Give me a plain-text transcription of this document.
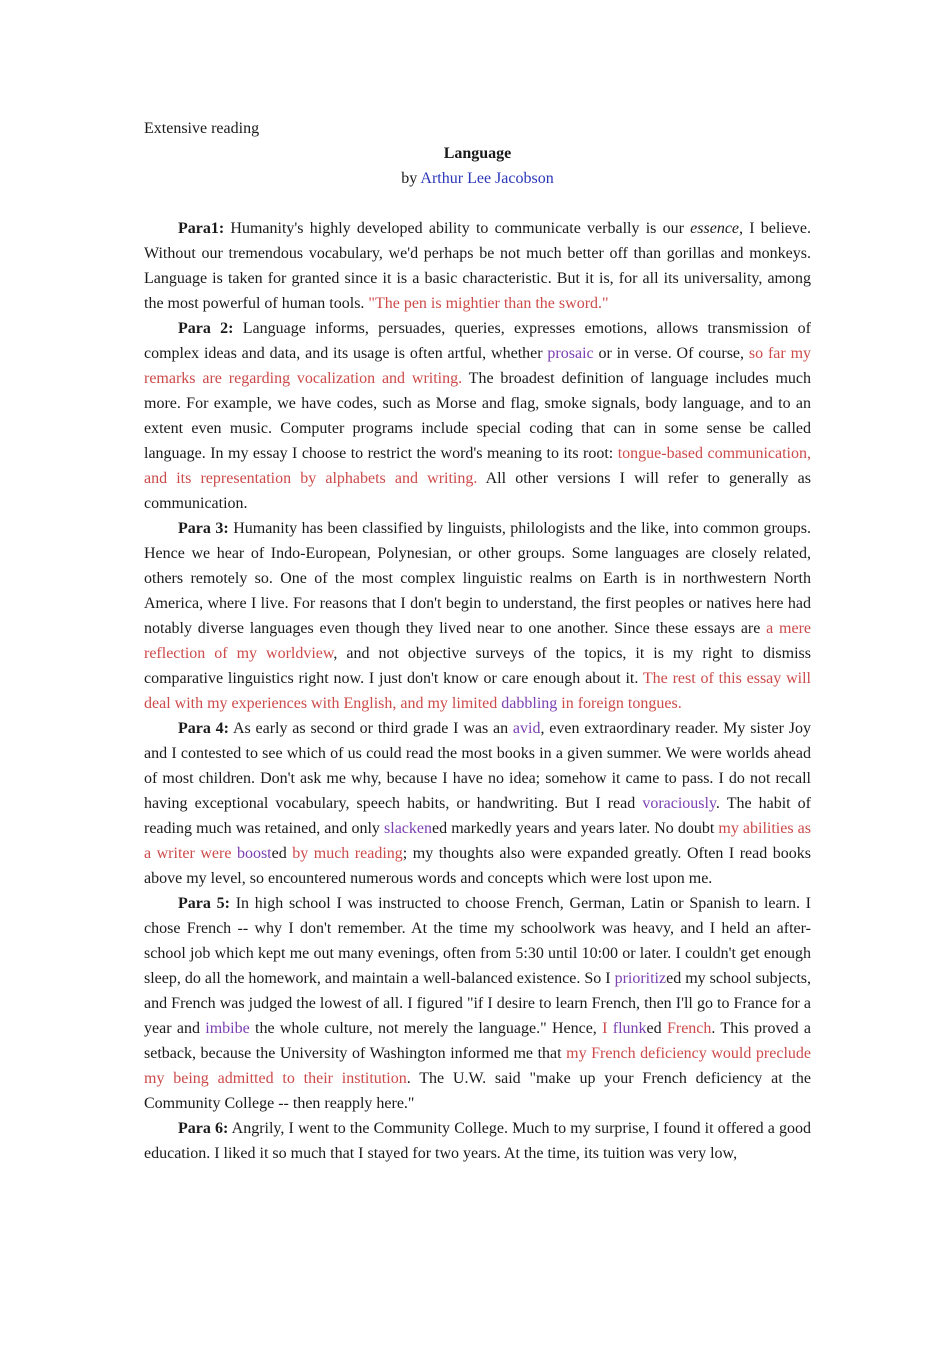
Extensive reading

Language

by Arthur Lee Jacobson

Para1: Humanity's highly developed ability to communicate verbally is our essence, I believe. Without our tremendous vocabulary, we'd perhaps be not much better off than gorillas and monkeys. Language is taken for granted since it is a basic characteristic. But it is, for all its universality, among the most powerful of human tools. "The pen is mightier than the sword."

Para 2: Language informs, persuades, queries, expresses emotions, allows transmission of complex ideas and data, and its usage is often artful, whether prosaic or in verse. Of course, so far my remarks are regarding vocalization and writing. The broadest definition of language includes much more. For example, we have codes, such as Morse and flag, smoke signals, body language, and to an extent even music. Computer programs include special coding that can in some sense be called language. In my essay I choose to restrict the word's meaning to its root: tongue-based communication, and its representation by alphabets and writing. All other versions I will refer to generally as communication.

Para 3: Humanity has been classified by linguists, philologists and the like, into common groups. Hence we hear of Indo-European, Polynesian, or other groups. Some languages are closely related, others remotely so. One of the most complex linguistic realms on Earth is in northwestern North America, where I live. For reasons that I don't begin to understand, the first peoples or natives here had notably diverse languages even though they lived near to one another. Since these essays are a mere reflection of my worldview, and not objective surveys of the topics, it is my right to dismiss comparative linguistics right now. I just don't know or care enough about it. The rest of this essay will deal with my experiences with English, and my limited dabbling in foreign tongues.

Para 4: As early as second or third grade I was an avid, even extraordinary reader. My sister Joy and I contested to see which of us could read the most books in a given summer. We were worlds ahead of most children. Don't ask me why, because I have no idea; somehow it came to pass. I do not recall having exceptional vocabulary, speech habits, or handwriting. But I read voraciously. The habit of reading much was retained, and only slackened markedly years and years later. No doubt my abilities as a writer were boosted by much reading; my thoughts also were expanded greatly. Often I read books above my level, so encountered numerous words and concepts which were lost upon me.

Para 5: In high school I was instructed to choose French, German, Latin or Spanish to learn. I chose French -- why I don't remember. At the time my schoolwork was heavy, and I held an after-school job which kept me out many evenings, often from 5:30 until 10:00 or later. I couldn't get enough sleep, do all the homework, and maintain a well-balanced existence. So I prioritized my school subjects, and French was judged the lowest of all. I figured "if I desire to learn French, then I'll go to France for a year and imbibe the whole culture, not merely the language." Hence, I flunked French. This proved a setback, because the University of Washington informed me that my French deficiency would preclude my being admitted to their institution. The U.W. said "make up your French deficiency at the Community College -- then reapply here."

Para 6: Angrily, I went to the Community College. Much to my surprise, I found it offered a good education. I liked it so much that I stayed for two years. At the time, its tuition was very low,
